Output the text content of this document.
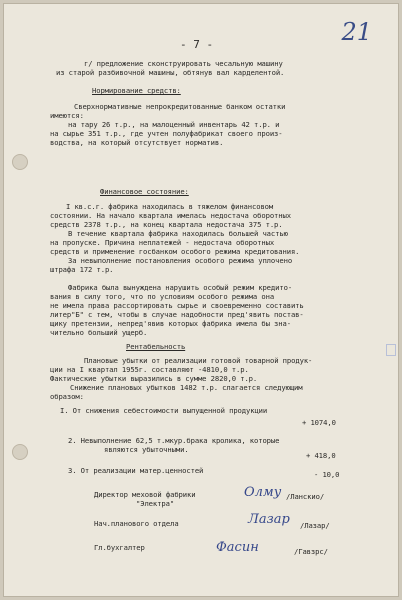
21
- 7 -
г/ предложение сконструировать чесальную машину
из старой разбивочной машины, обтянув вал карделентой.
Нормирование средств:
Сверхнормативные непрокредитованные банком остатки
имеются:
на тару 26 т.р., на малоценный инвентарь 42 т.р. и
на сырье 351 т.р., где учтен полуфабрикат своего произ-
водства, на который отсутствует норматив.
Финансовое состояние:
I кв.с.г. фабрика находилась в тяжелом финансовом
состоянии. На начало квартала имелась недостача оборотных
средств 2378 т.р., на конец квартала недостача 375 т.р.
В течение квартала фабрика находилась большей частью
на пропуске. Причина неплатежей - недостача оборотных
средств и применение госбанком особого режима кредитования.
За невыполнение постановления особого режима уплочено
штрафа 172 т.р.
Фабрика была вынуждена нарушить особый режим кредито-
вания в силу того, что по условиям особого режима она
не имела права рассортировать сырье и своевременно составить
литер"Б" с тем, чтобы в случае надобности пред'явить постав-
щику претензии, непред'явив которых фабрика имела бы зна-
чительно больший ущерб.
Рентабельность
Плановые убытки от реализации готовой товарной продук-
ции на I квартал 1955г. составляют -4810,0 т.р.
Фактические убытки выразились в сумме 2820,0 т.р.
Снижение плановых убытков 1482 т.р. слагается следующим
образом:
I. От снижения себестоимости выпущенной продукции
+ 1074,0
2. Невыполнение 62,5 т.мкур.брака кролика, которые
являются убыточными.
+ 418,0
3. От реализации матер.ценностей	- 10,0
Директор меховой фабрики
"Электра"
Олму /Ланскио/
Нач.планового отдела	Лазар /Лазар/
Гл.бухгалтер	Фасин	/Гавзрс/
